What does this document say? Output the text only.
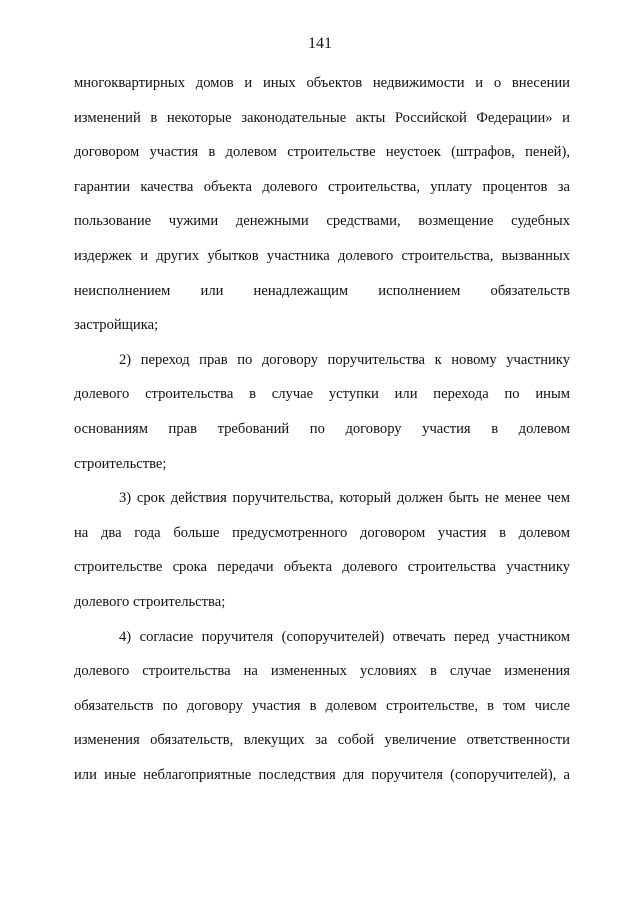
141
многоквартирных домов и иных объектов недвижимости и о внесении
изменений в некоторые законодательные акты Российской Федерации» и
договором участия в долевом строительстве неустоек (штрафов, пеней),
гарантии качества объекта долевого строительства, уплату процентов за
пользование чужими денежными средствами, возмещение судебных
издержек и других убытков участника долевого строительства, вызванных
неисполнением или ненадлежащим исполнением обязательств
застройщика;
2) переход прав по договору поручительства к новому участнику
долевого строительства в случае уступки или перехода по иным
основаниям прав требований по договору участия в долевом
строительстве;
3) срок действия поручительства, который должен быть не менее чем
на два года больше предусмотренного договором участия в долевом
строительстве срока передачи объекта долевого строительства участнику
долевого строительства;
4) согласие поручителя (сопоручителей) отвечать перед участником
долевого строительства на измененных условиях в случае изменения
обязательств по договору участия в долевом строительстве, в том числе
изменения обязательств, влекущих за собой увеличение ответственности
или иные неблагоприятные последствия для поручителя (сопоручителей), а
